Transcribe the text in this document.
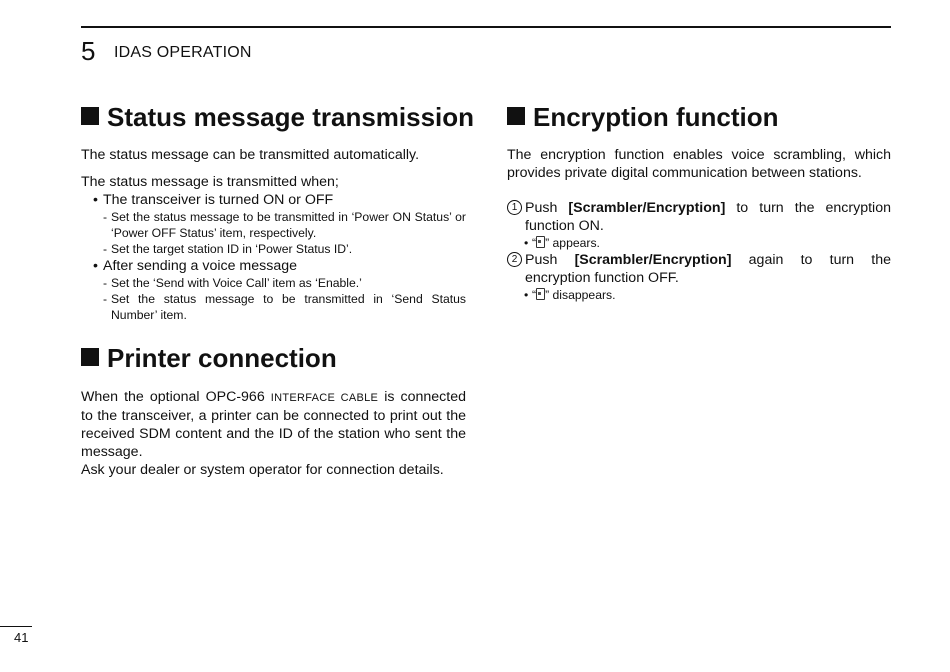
5 IDAS OPERATION
Status message transmission

The status message can be transmitted automatically.

The status message is transmitted when;

• The transceiver is turned ON or OFF
- Set the status message to be transmitted in ‘Power ON Status’ or ‘Power OFF Status’ item, respectively.
- Set the target station ID in ‘Power Status ID’.
• After sending a voice message
- Set the ‘Send with Voice Call’ item as ‘Enable.’
- Set the status message to be transmitted in ‘Send Status Number’ item.
Printer connection

When the optional OPC-966 INTERFACE CABLE is connected to the transceiver, a printer can be connected to print out the received SDM content and the ID of the station who sent the message.

Ask your dealer or system operator for connection details.

Encryption function

The encryption function enables voice scrambling, which provides private digital communication between stations.

1 Push [Scrambler/Encryption] to turn the encryption function ON.
• “ ” appears.
2 Push [Scrambler/Encryption] again to turn the encryption function OFF.
• “ ” disappears.
41
